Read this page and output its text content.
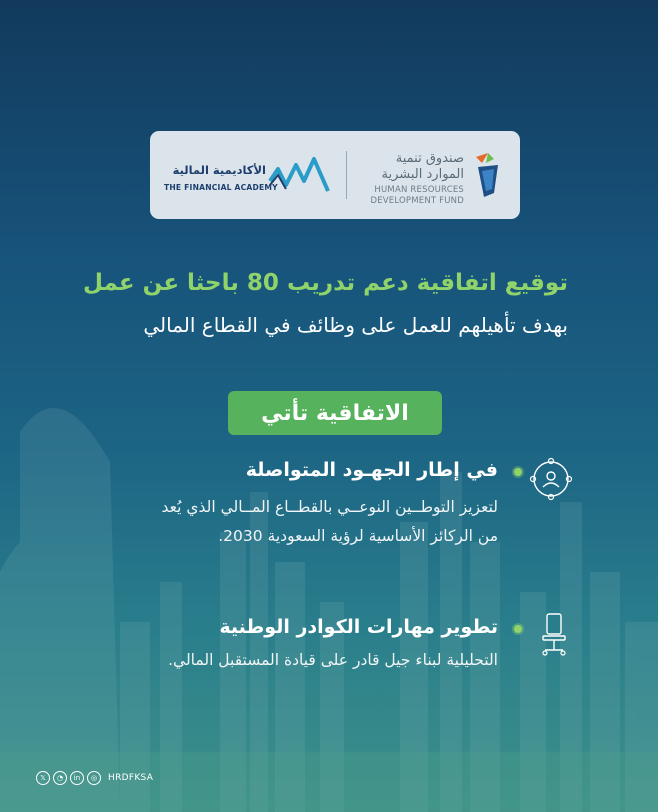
صندوق تنمية
الموارد البشرية
HUMAN RESOURCES
DEVELOPMENT FUND
الأكاديمية المالية
THE FINANCIAL ACADEMY
توقيع اتفاقية دعم تدريب 80 باحثا عن عمل
بهدف تأهيلهم للعمل على وظائف في القطاع المالي
الاتفاقية تأتي
في إطار الجهـود المتواصلة
لتعزيز التوطــين النوعــي بالقطــاع المــالي الذي يُعد
من الركائز الأساسية لرؤية السعودية 2030.
تطوير مهارات الكوادر الوطنية
التحليلية لبناء جيل قادر على قيادة المستقبل المالي.
𝕏	◔	in	◎	HRDFKSA
